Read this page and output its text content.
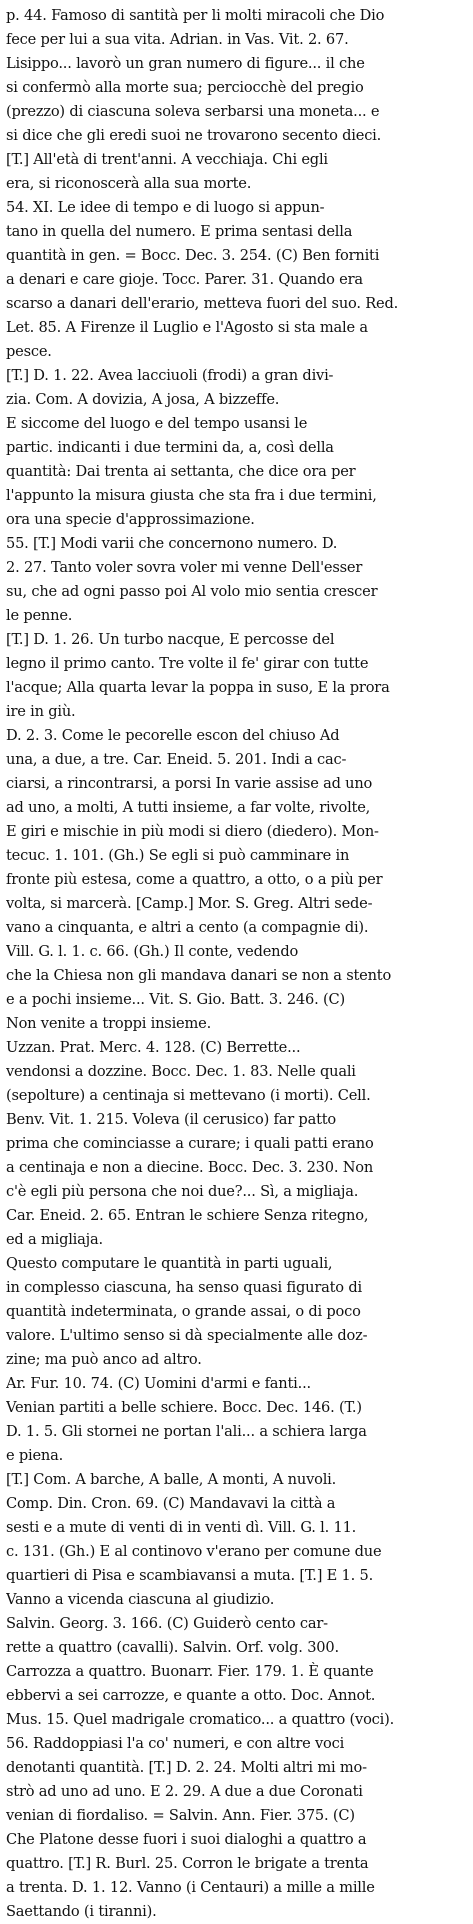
p. 44. Famoso di santità per li molti miracoli che Dio
fece per lui a sua vita. Adrian. in Vas. Vit. 2. 67.
Lisippo... lavorò un gran numero di figure... il che
si confermò alla morte sua; perciocchè del pregio
(prezzo) di ciascuna soleva serbarsi una moneta... e
si dice che gli eredi suoi ne trovarono secento dieci.
[T.] All'età di trent'anni. A vecchiaja. Chi egli
era, si riconoscerà alla sua morte.
54. XI. Le idee di tempo e di luogo si appun-
tano in quella del numero. E prima sentasi della
quantità in gen. = Bocc. Dec. 3. 254. (C) Ben forniti
a denari e care gioje. Tocc. Parer. 31. Quando era
scarso a danari dell'erario, metteva fuori del suo. Red.
Let. 85. A Firenze il Luglio e l'Agosto si sta male a
pesce.
[T.] D. 1. 22. Avea lacciuoli (frodi) a gran divi-
zia. Com. A dovizia, A josa, A bizzeffe.
E siccome del luogo e del tempo usansi le
partic. indicanti i due termini da, a, così della
quantità: Dai trenta ai settanta, che dice ora per
l'appunto la misura giusta che sta fra i due termini,
ora una specie d'approssimazione.
55. [T.] Modi varii che concernono numero. D.
2. 27. Tanto voler sovra voler mi venne Dell'esser
su, che ad ogni passo poi Al volo mio sentia crescer
le penne.
[T.] D. 1. 26. Un turbo nacque, E percosse del
legno il primo canto. Tre volte il fe' girar con tutte
l'acque; Alla quarta levar la poppa in suso, E la prora
ire in giù.
D. 2. 3. Come le pecorelle escon del chiuso Ad
una, a due, a tre. Car. Eneid. 5. 201. Indi a cac-
ciarsi, a rincontrarsi, a porsi In varie assise ad uno
ad uno, a molti, A tutti insieme, a far volte, rivolte,
E giri e mischie in più modi si diero (diedero). Mon-
tecuc. 1. 101. (Gh.) Se egli si può camminare in
fronte più estesa, come a quattro, a otto, o a più per
volta, si marcerà. [Camp.] Mor. S. Greg. Altri sede-
vano a cinquanta, e altri a cento (a compagnie di).
Vill. G. l. 1. c. 66. (Gh.) Il conte, vedendo
che la Chiesa non gli mandava danari se non a stento
e a pochi insieme... Vit. S. Gio. Batt. 3. 246. (C)
Non venite a troppi insieme.
Uzzan. Prat. Merc. 4. 128. (C) Berrette...
vendonsi a dozzine. Bocc. Dec. 1. 83. Nelle quali
(sepolture) a centinaja si mettevano (i morti). Cell.
Benv. Vit. 1. 215. Voleva (il cerusico) far patto
prima che cominciasse a curare; i quali patti erano
a centinaja e non a diecine. Bocc. Dec. 3. 230. Non
c'è egli più persona che noi due?... Sì, a migliaja.
Car. Eneid. 2. 65. Entran le schiere Senza ritegno,
ed a migliaja.
Questo computare le quantità in parti uguali,
in complesso ciascuna, ha senso quasi figurato di
quantità indeterminata, o grande assai, o di poco
valore. L'ultimo senso si dà specialmente alle doz-
zine; ma può anco ad altro.
Ar. Fur. 10. 74. (C) Uomini d'armi e fanti...
Venian partiti a belle schiere. Bocc. Dec. 146. (T.)
D. 1. 5. Gli stornei ne portan l'ali... a schiera larga
e piena.
[T.] Com. A barche, A balle, A monti, A nuvoli.
Comp. Din. Cron. 69. (C) Mandavavi la città a
sesti e a mute di venti di in venti dì. Vill. G. l. 11.
c. 131. (Gh.) E al continovo v'erano per comune due
quartieri di Pisa e scambiavansi a muta. [T.] E 1. 5.
Vanno a vicenda ciascuna al giudizio.
Salvin. Georg. 3. 166. (C) Guiderò cento car-
rette a quattro (cavalli). Salvin. Orf. volg. 300.
Carrozza a quattro. Buonarr. Fier. 179. 1. È quante
ebbervi a sei carrozze, e quante a otto. Doc. Annot.
Mus. 15. Quel madrigale cromatico... a quattro (voci).
56. Raddoppiasi l'a co' numeri, e con altre voci
denotanti quantità. [T.] D. 2. 24. Molti altri mi mo-
strò ad uno ad uno. E 2. 29. A due a due Coronati
venian di fiordaliso. = Salvin. Ann. Fier. 375. (C)
Che Platone desse fuori i suoi dialoghi a quattro a
quattro. [T.] R. Burl. 25. Corron le brigate a trenta
a trenta. D. 1. 12. Vanno (i Centauri) a mille a mille
Saettando (i tiranni).
